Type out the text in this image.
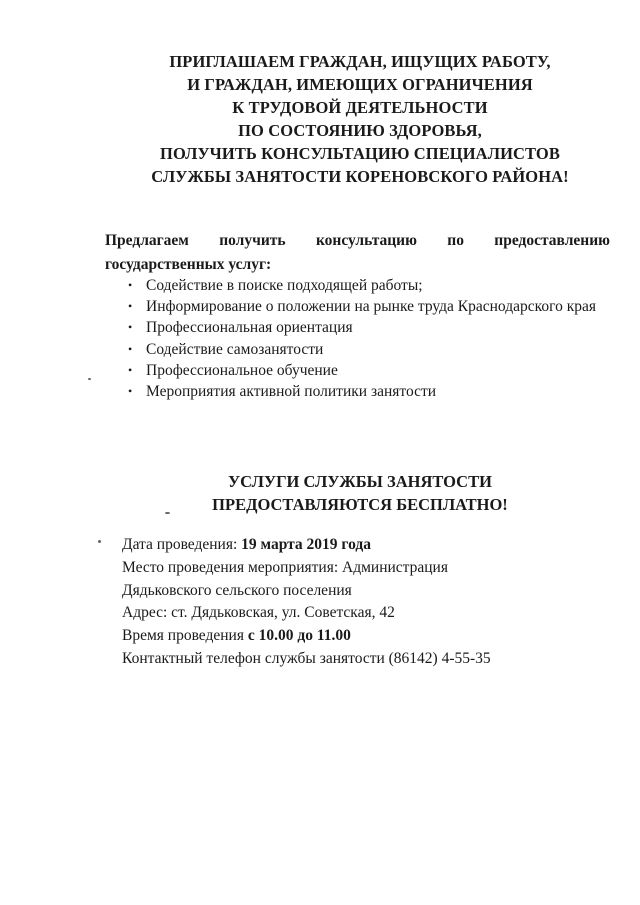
ПРИГЛАШАЕМ ГРАЖДАН, ИЩУЩИХ РАБОТУ,
И ГРАЖДАН, ИМЕЮЩИХ ОГРАНИЧЕНИЯ
К ТРУДОВОЙ ДЕЯТЕЛЬНОСТИ
ПО СОСТОЯНИЮ ЗДОРОВЬЯ,
ПОЛУЧИТЬ КОНСУЛЬТАЦИЮ СПЕЦИАЛИСТОВ
СЛУЖБЫ ЗАНЯТОСТИ КОРЕНОВСКОГО РАЙОНА!
Предлагаем получить консультацию по предоставлению государственных услуг:
• Содействие в поиске подходящей работы;
• Информирование о положении на рынке труда Краснодарского края
• Профессиональная ориентация
• Содействие самозанятости
• Профессиональное обучение
• Мероприятия активной политики занятости
УСЛУГИ СЛУЖБЫ ЗАНЯТОСТИ
ПРЕДОСТАВЛЯЮТСЯ БЕСПЛАТНО!
Дата проведения: 19 марта 2019 года
Место проведения мероприятия: Администрация
Дядьковского сельского поселения
Адрес: ст. Дядьковская, ул. Советская, 42
Время проведения с 10.00 до 11.00
Контактный телефон службы занятости (86142) 4-55-35
